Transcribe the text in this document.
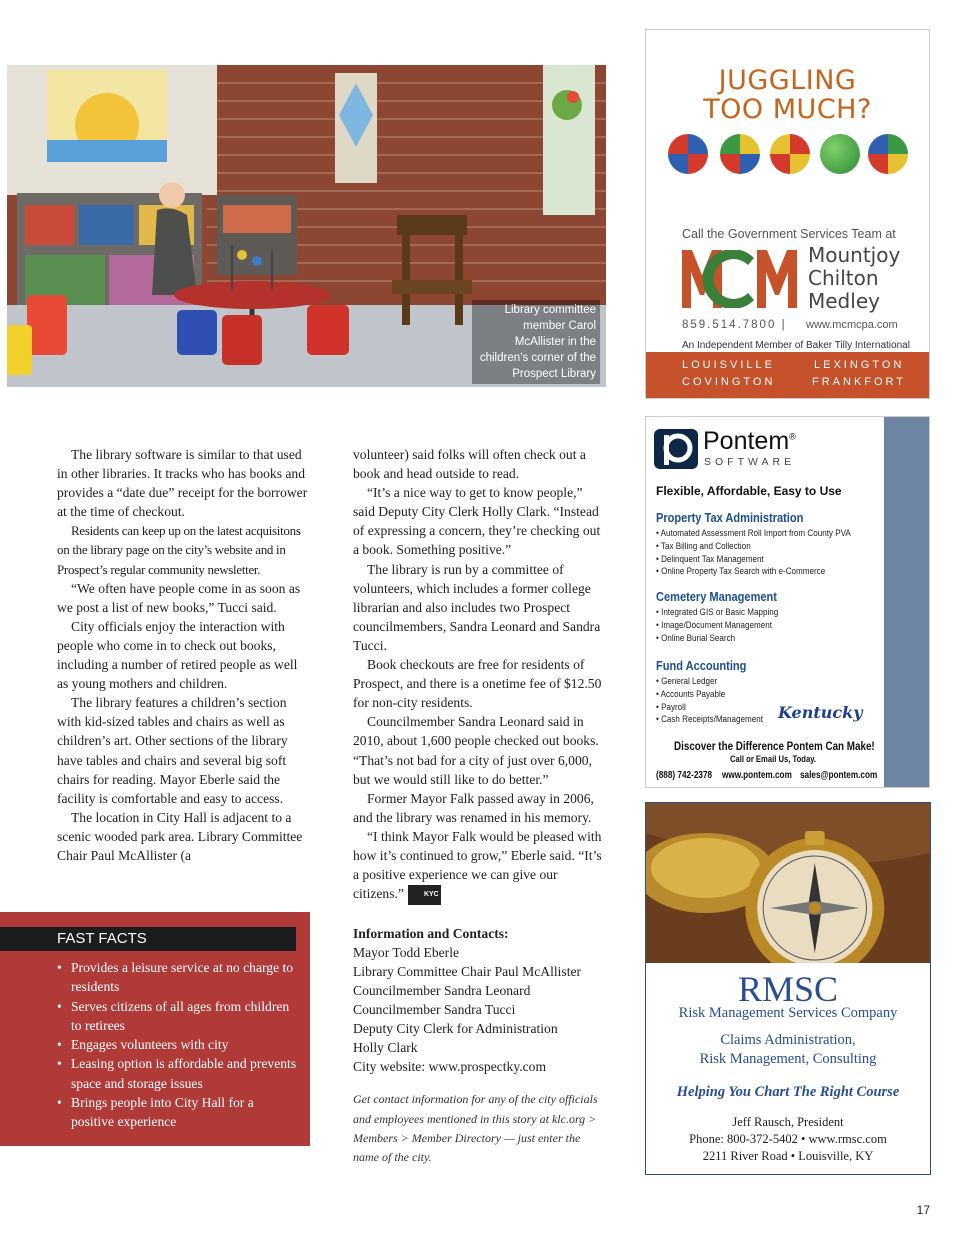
Library committee member Carol McAllister in the children’s corner of the Prospect Library

The library software is similar to that used in other libraries. It tracks who has books and provides a “date due” receipt for the borrower at the time of checkout.

Residents can keep up on the latest acquisitons on the library page on the city’s website and in Prospect’s regular community newsletter.

“We often have people come in as soon as we post a list of new books,” Tucci said.

City officials enjoy the interaction with people who come in to check out books, including a number of retired people as well as young mothers and children.

The library features a children’s section with kid-sized tables and chairs as well as children’s art. Other sections of the library have tables and chairs and several big soft chairs for reading. Mayor Eberle said the facility is comfortable and easy to access.

The location in City Hall is adjacent to a scenic wooded park area. Library Committee Chair Paul McAllister (a

volunteer) said folks will often check out a book and head outside to read.

“It’s a nice way to get to know people,” said Deputy City Clerk Holly Clark. “Instead of expressing a concern, they’re checking out a book. Something positive.”

The library is run by a committee of volunteers, which includes a former college librarian and also includes two Prospect councilmembers, Sandra Leonard and Sandra Tucci.

Book checkouts are free for residents of Prospect, and there is a onetime fee of $12.50 for non-city residents.

Councilmember Sandra Leonard said in 2010, about 1,600 people checked out books. “That’s not bad for a city of just over 6,000, but we would still like to do better.”

Former Mayor Falk passed away in 2006, and the library was renamed in his memory.

“I think Mayor Falk would be pleased with how it’s continued to grow,” Eberle said. “It’s a positive experience we can give our citizens.”	KYC

Information and Contacts:
Mayor Todd Eberle
Library Committee Chair Paul McAllister
Councilmember Sandra Leonard
Councilmember Sandra Tucci
Deputy City Clerk for Administration
Holly Clark
City website: www.prospectky.com
Get contact information for any of the city officials and employees mentioned in this story at klc.org > Members > Member Directory — just enter the name of the city.
FAST FACTS
• Provides a leisure service at no charge to residents
• Serves citizens of all ages from children to retirees
• Engages volunteers with city
• Leasing option is affordable and prevents space and storage issues
• Brings people into City Hall for a positive experience
JUGGLING
TOO MUCH?
Call the Government Services Team at
Mountjoy
Chilton
Medley
859.514.7800 | www.mcmcpa.com
An Independent Member of Baker Tilly International
LOUISVILLE	LEXINGTON
COVINGTON	FRANKFORT
Pontem®
SOFTWARE
Flexible, Affordable, Easy to Use
Property Tax Administration
• Automated Assessment Roll Import from County PVA
• Tax Billing and Collection
• Delinquent Tax Management
• Online Property Tax Search with e-Commerce
Cemetery Management
• Integrated GIS or Basic Mapping
• Image/Document Management
• Online Burial Search
Fund Accounting
• General Ledger
• Accounts Payable
• Payroll
• Cash Receipts/Management Kentucky
Discover the Difference Pontem Can Make!
Call or Email Us, Today.
(888) 742-2378 www.pontem.com sales@pontem.com
RMSC
Risk Management Services Company
Claims Administration,
Risk Management, Consulting
Helping You Chart The Right Course
Jeff Rausch, President
Phone: 800-372-5402 • www.rmsc.com
2211 River Road • Louisville, KY
17
